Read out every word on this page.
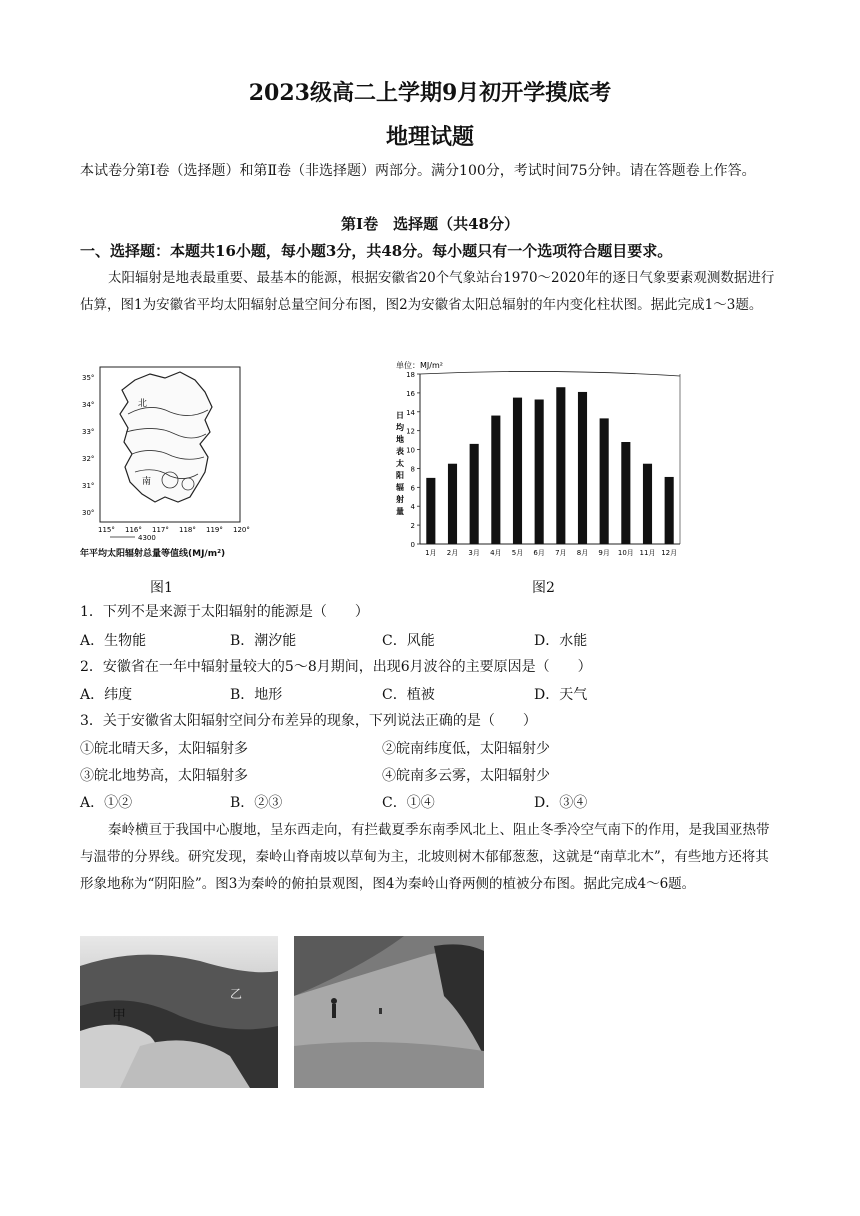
2023级高二上学期9月初开学摸底考
地理试题
本试卷分第Ⅰ卷（选择题）和第Ⅱ卷（非选择题）两部分。满分100分，考试时间75分钟。请在答题卷上作答。
第Ⅰ卷　选择题（共48分）
一、选择题：本题共16小题，每小题3分，共48分。每小题只有一个选项符合题目要求。
太阳辐射是地表最重要、最基本的能源，根据安徽省20个气象站台1970～2020年的逐日气象要素观测数据进行估算，图1为安徽省平均太阳辐射总量空间分布图，图2为安徽省太阳总辐射的年内变化柱状图。据此完成1～3题。
35°
34°
33°
32°
31°
30°
115° 116° 117° 118° 119° 120°
北
南
4300
年平均太阳辐射总量等值线(MJ/m²)
单位：MJ/m²
日
均
地
表
太
阳
辐
射
量
0
2
4
6
8
10
12
14
16
18
1月 2月 3月 4月 5月 6月 7月 8月 9月 10月 11月 12月
图1	图2
1．下列不是来源于太阳辐射的能源是（　　）
A．生物能	B．潮汐能	C．风能	D．水能
2．安徽省在一年中辐射量较大的5～8月期间，出现6月波谷的主要原因是（　　）
A．纬度	B．地形	C．植被	D．天气
3．关于安徽省太阳辐射空间分布差异的现象，下列说法正确的是（　　）
①皖北晴天多，太阳辐射多	②皖南纬度低，太阳辐射少
③皖北地势高，太阳辐射多	④皖南多云雾，太阳辐射少
A．①②	B．②③	C．①④	D．③④
秦岭横亘于我国中心腹地，呈东西走向，有拦截夏季东南季风北上、阻止冬季冷空气南下的作用，是我国亚热带与温带的分界线。研究发现，秦岭山脊南坡以草甸为主，北坡则树木郁郁葱葱，这就是“南草北木”，有些地方还将其形象地称为“阴阳脸”。图3为秦岭的俯拍景观图，图4为秦岭山脊两侧的植被分布图。据此完成4～6题。
甲
乙
